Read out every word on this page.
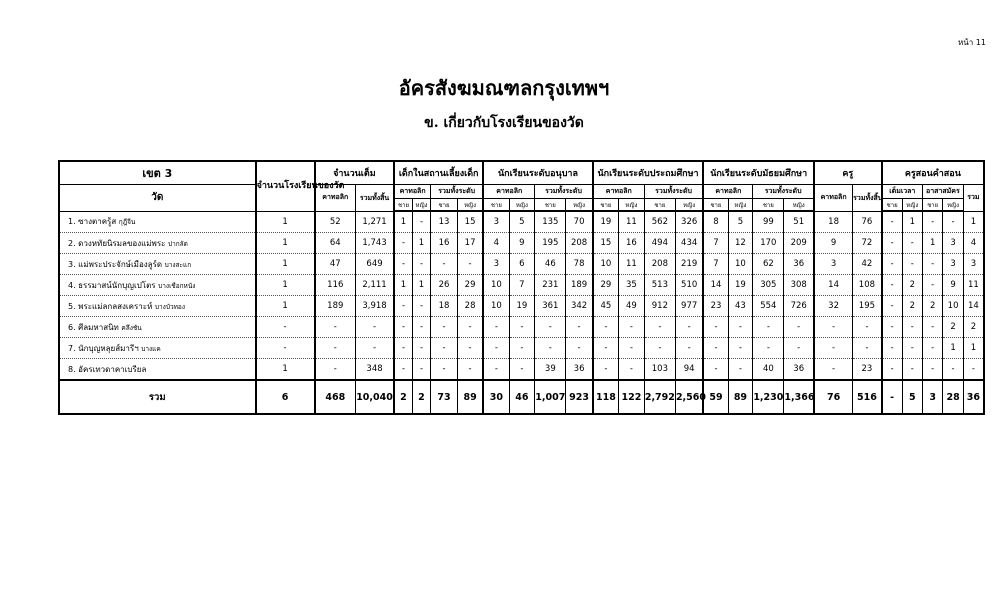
หน้า 11
อัครสังฆมณฑลกรุงเทพฯ
ข. เกี่ยวกับโรงเรียนของวัด
เขต 3	จำนวนโรงเรียนของวัด	จำนวนเต็ม		เด็กในสถานเลี้ยงเด็ก				นักเรียนระดับอนุบาล				นักเรียนระดับประถมศึกษา				นักเรียนระดับมัธยมศึกษา				ครู		ครูสอนคำสอน				
วัด		คาทอลิก	รวมทั้งสิ้น	คาทอลิก		รวมทั้งระดับ		คาทอลิก		รวมทั้งระดับ		คาทอลิก		รวมทั้งระดับ		คาทอลิก		รวมทั้งระดับ		คาทอลิก	รวมทั้งสิ้น	เต็มเวลา		อาสาสมัคร		รวม
				ชาย	หญิง	ชาย	หญิง	ชาย	หญิง	ชาย	หญิง	ชาย	หญิง	ชาย	หญิง	ชาย	หญิง	ชาย	หญิง			ชาย	หญิง	ชาย	หญิง	
1. ซางตาครู้ส กุฎีจีน	1	52	1,271	1	-	13	15	3	5	135	70	19	11	562	326	8	5	99	51	18	76	-	1	-	-	1
2. ดวงหทัยนิรมลของแม่พระ ปากลัด	1	64	1,743	-	1	16	17	4	9	195	208	15	16	494	434	7	12	170	209	9	72	-	-	1	3	4
3. แม่พระประจักษ์เมืองลูร์ด บางสะแก	1	47	649	-	-	-	-	3	6	46	78	10	11	208	219	7	10	62	36	3	42	-	-	-	3	3
4. ธรรมาสน์นักบุญเปโตร บางเชือกหนัง	1	116	2,111	1	1	26	29	10	7	231	189	29	35	513	510	14	19	305	308	14	108	-	2	-	9	11
5. พระแม่ลกลสงเคราะห์ บางบัวทอง	1	189	3,918	-	-	18	28	10	19	361	342	45	49	912	977	23	43	554	726	32	195	-	2	2	10	14
6. ศีลมหาสนิท คลึงชัน	-	-	-	-	-	-	-	-	-	-	-	-	-	-	-	-	-	-	-	-	-	-	-	-	2	2
7. นักบุญหลุยส์มารีฯ บางแค	-	-	-	-	-	-	-	-	-	-	-	-	-	-	-	-	-	-	-	-	-	-	-	-	1	1
8. อัครเทวดาคาเบรียล	1	-	348	-	-	-	-	-	-	39	36	-	-	103	94	-	-	40	36	-	23	-	-	-	-	-
รวม	6	468	10,040	2	2	73	89	30	46	1,007	923	118	122	2,792	2,560	59	89	1,230	1,366	76	516	-	5	3	28	36
